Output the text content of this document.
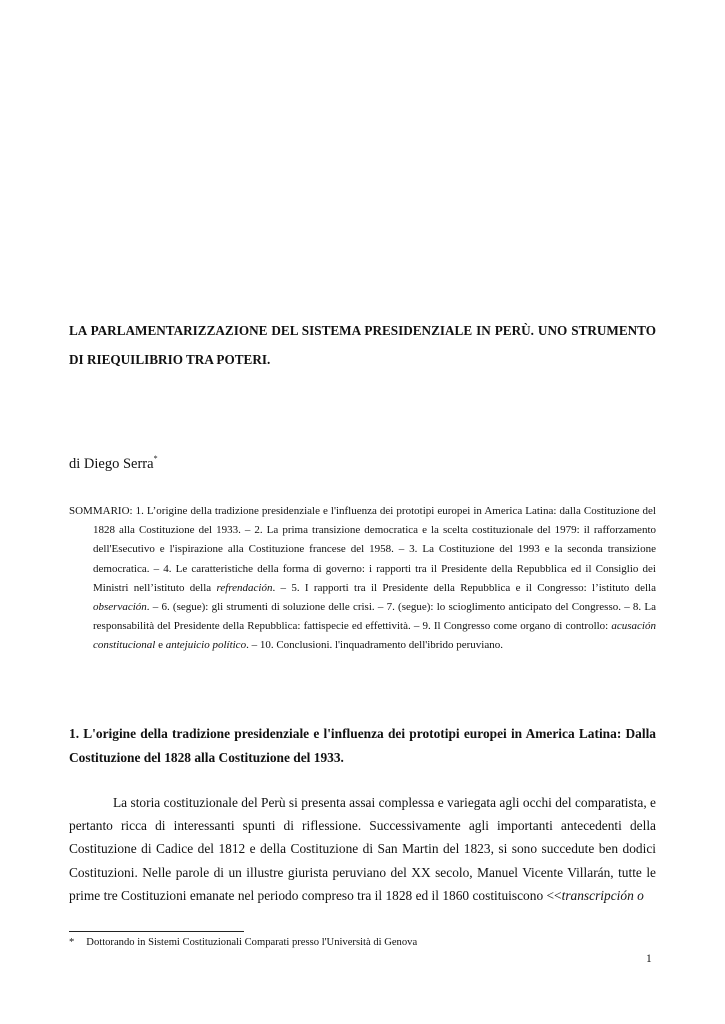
LA PARLAMENTARIZZAZIONE DEL SISTEMA PRESIDENZIALE IN PERÙ. UNO STRUMENTO DI RIEQUILIBRIO TRA POTERI.
di Diego Serra*
SOMMARIO: 1. L’origine della tradizione presidenziale e l'influenza dei prototipi europei in America Latina: dalla Costituzione del 1828 alla Costituzione del 1933. – 2. La prima transizione democratica e la scelta costituzionale del 1979: il rafforzamento dell'Esecutivo e l'ispirazione alla Costituzione francese del 1958. – 3. La Costituzione del 1993 e la seconda transizione democratica. – 4. Le caratteristiche della forma di governo: i rapporti tra il Presidente della Repubblica ed il Consiglio dei Ministri nell’istituto della refrendación. – 5. I rapporti tra il Presidente della Repubblica e il Congresso: l’istituto della observación. – 6. (segue): gli strumenti di soluzione delle crisi. – 7. (segue): lo scioglimento anticipato del Congresso. – 8. La responsabilità del Presidente della Repubblica: fattispecie ed effettività. – 9. Il Congresso come organo di controllo: acusación constitucional e antejuicio político. – 10. Conclusioni. l'inquadramento dell'ibrido peruviano.
1. L'origine della tradizione presidenziale e l'influenza dei prototipi europei in America Latina: Dalla Costituzione del 1828 alla Costituzione del 1933.
La storia costituzionale del Perù si presenta assai complessa e variegata agli occhi del comparatista, e pertanto ricca di interessanti spunti di riflessione. Successivamente agli importanti antecedenti della Costituzione di Cadice del 1812 e della Costituzione di San Martin del 1823, si sono succedute ben dodici Costituzioni. Nelle parole di un illustre giurista peruviano del XX secolo, Manuel Vicente Villarán, tutte le prime tre Costituzioni emanate nel periodo compreso tra il 1828 ed il 1860 costituiscono <<transcripción o
* Dottorando in Sistemi Costituzionali Comparati presso l'Università di Genova
1
